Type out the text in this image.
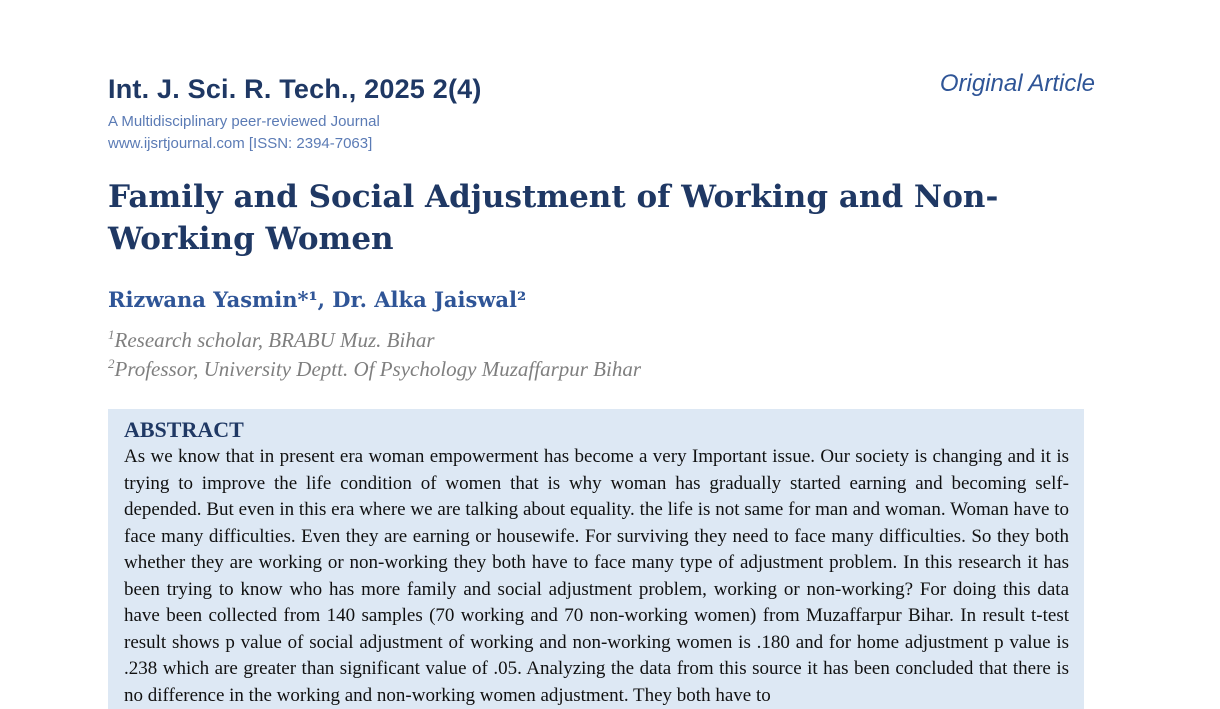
Int. J. Sci. R. Tech., 2025 2(4)	Original Article
A Multidisciplinary peer-reviewed Journal
www.ijsrtjournal.com [ISSN: 2394-7063]
Family and Social Adjustment of Working and Non-Working Women
Rizwana Yasmin*¹, Dr. Alka Jaiswal²
$^1$Research scholar, BRABU Muz. Bihar
$^2$Professor, University Deptt. Of Psychology Muzaffarpur Bihar
ABSTRACT

As we know that in present era woman empowerment has become a very Important issue. Our society is changing and it is trying to improve the life condition of women that is why woman has gradually started earning and becoming self-depended. But even in this era where we are talking about equality. the life is not same for man and woman. Woman have to face many difficulties. Even they are earning or housewife. For surviving they need to face many difficulties. So they both whether they are working or non-working they both have to face many type of adjustment problem. In this research it has been trying to know who has more family and social adjustment problem, working or non-working? For doing this data have been collected from 140 samples (70 working and 70 non-working women) from Muzaffarpur Bihar. In result t-test result shows p value of social adjustment of working and non-working women is .180 and for home adjustment p value is .238 which are greater than significant value of .05. Analyzing the data from this source it has been concluded that there is no difference in the working and non-working women adjustment. They both have to
